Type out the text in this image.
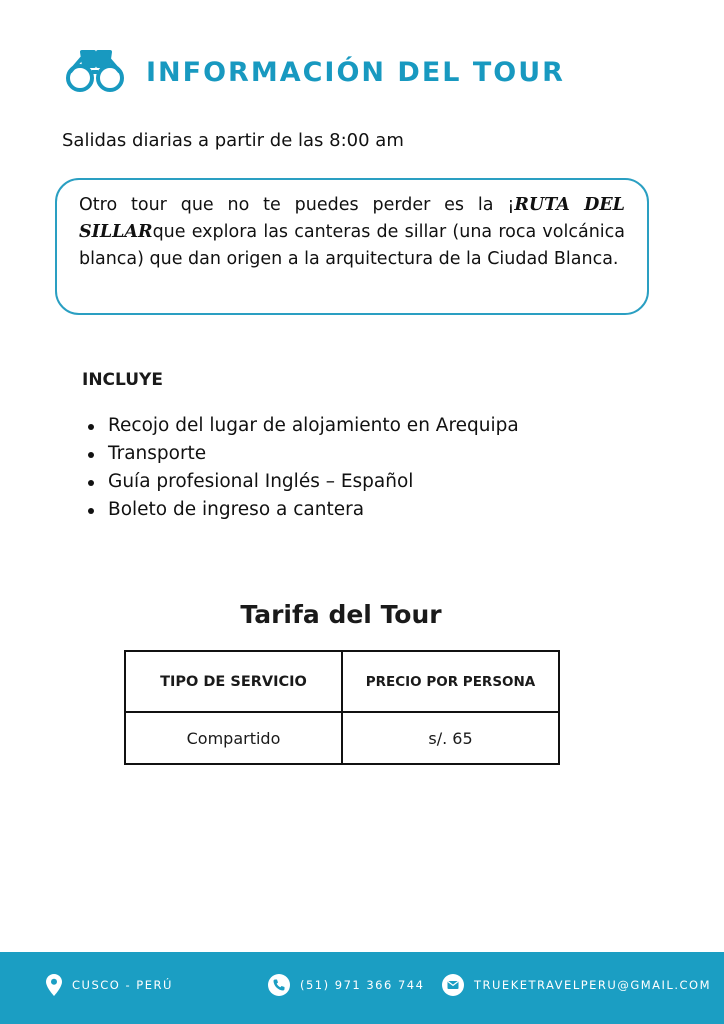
INFORMACIÓN DEL TOUR
Salidas diarias a partir de las 8:00 am

Otro tour que no te puedes perder es la ¡RUTA DEL SILLARque explora las canteras de sillar (una roca volcánica blanca) que dan origen a la arquitectura de la Ciudad Blanca.

INCLUYE
Recojo del lugar de alojamiento en Arequipa
Transporte
Guía profesional Inglés – Español
Boleto de ingreso a cantera
Tarifa del Tour
TIPO DE SERVICIO	PRECIO POR PERSONA
Compartido	s/. 65
CUSCO - PERÚ	(51) 971 366 744	TRUEKETRAVELPERU@GMAIL.COM
